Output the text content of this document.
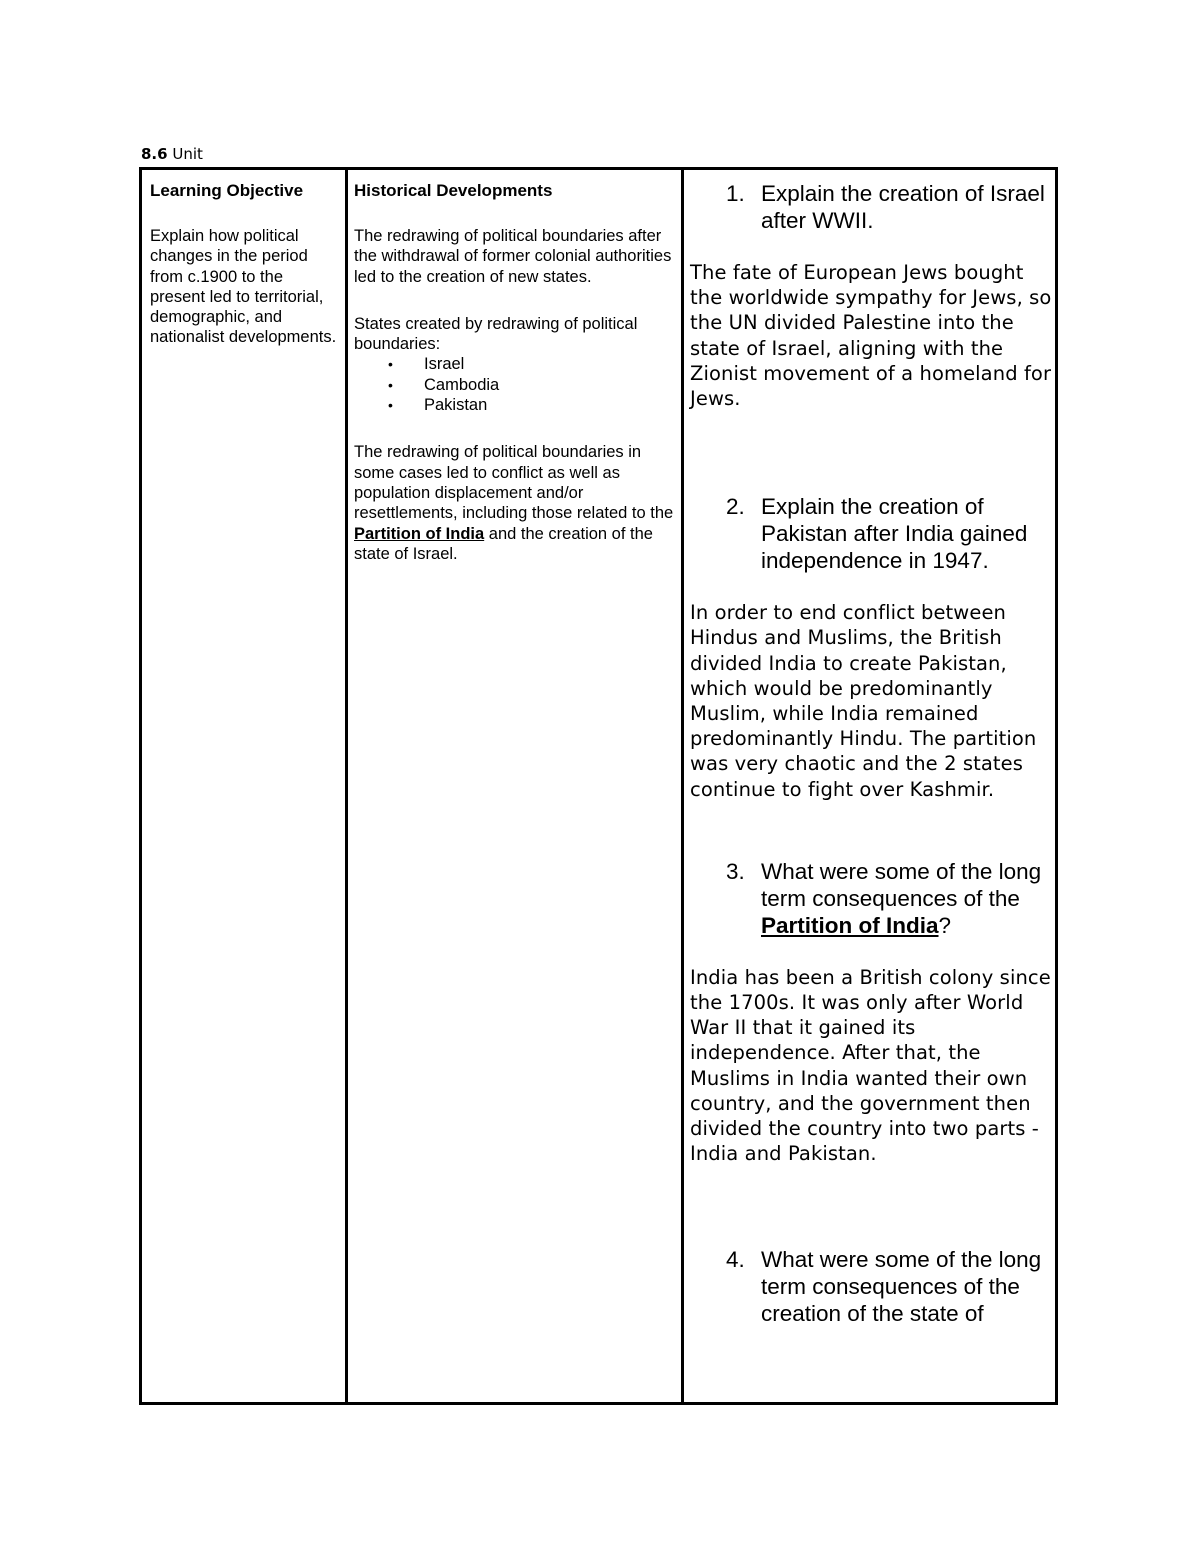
8.6 Unit

Learning Objective

Explain how political changes in the period from c.1900 to the present led to territorial, demographic, and nationalist developments.

Historical Developments

The redrawing of political boundaries after the withdrawal of former colonial authorities led to the creation of new states.

States created by redrawing of political boundaries:

• Israel
• Cambodia
• Pakistan

The redrawing of political boundaries in some cases led to conflict as well as population displacement and/or resettlements, including those related to the Partition of India and the creation of the state of Israel.

1. Explain the creation of Israel after WWII.

The fate of European Jews bought the worldwide sympathy for Jews, so the UN divided Palestine into the state of Israel, aligning with the Zionist movement of a homeland for Jews.

2. Explain the creation of Pakistan after India gained independence in 1947.

In order to end conflict between Hindus and Muslims, the British divided India to create Pakistan, which would be predominantly Muslim, while India remained predominantly Hindu. The partition was very chaotic and the 2 states continue to fight over Kashmir.

3. What were some of the long term consequences of the Partition of India?

India has been a British colony since the 1700s. It was only after World War II that it gained its independence. After that, the Muslims in India wanted their own country, and the government then divided the country into two parts - India and Pakistan.

4. What were some of the long term consequences of the creation of the state of
